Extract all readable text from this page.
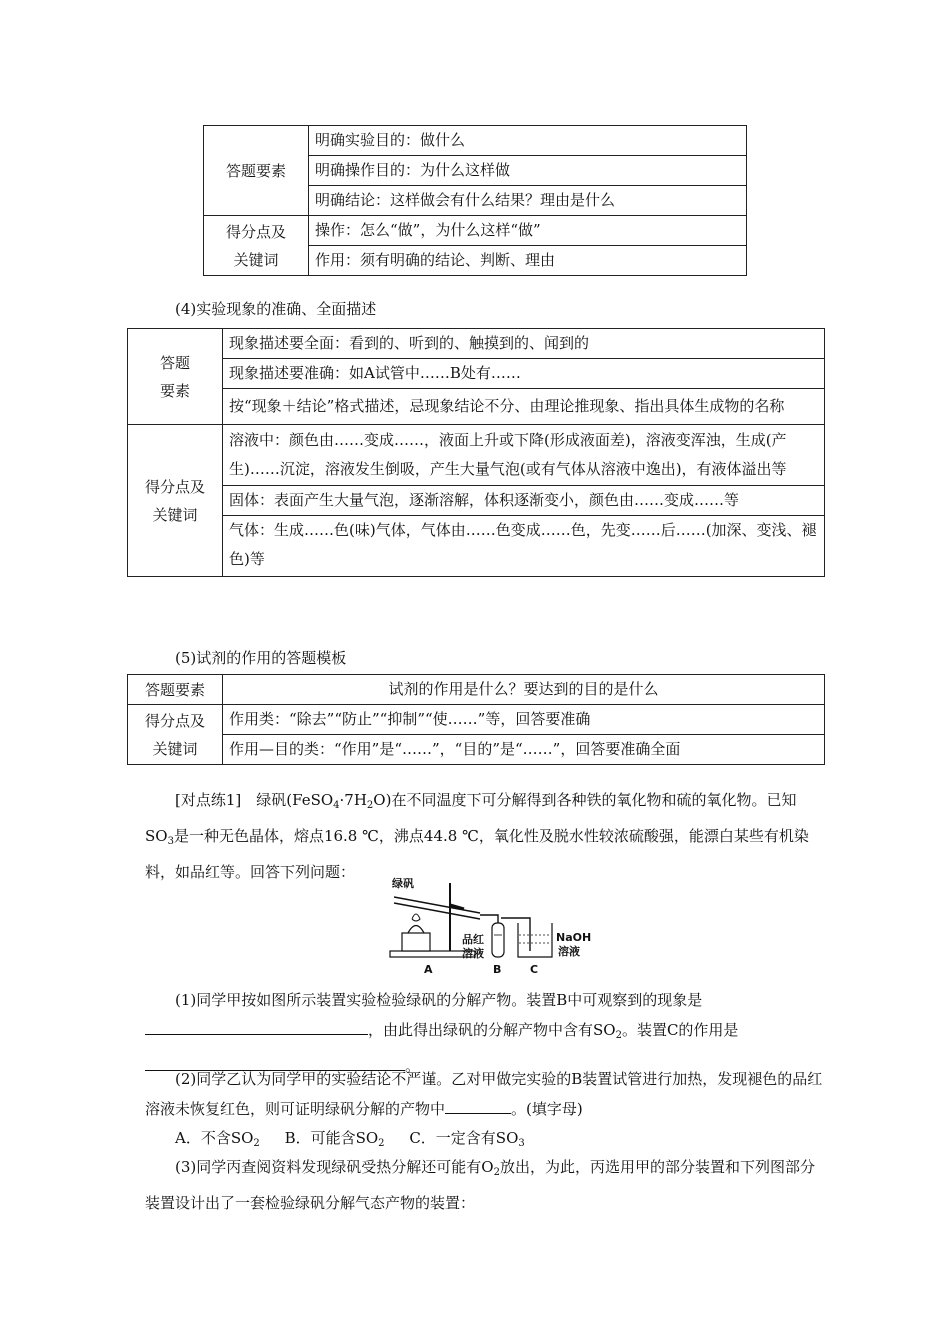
答题要素	明确实验目的：做什么
	明确操作目的：为什么这样做
	明确结论：这样做会有什么结果？理由是什么

得分点及
关键词	操作：怎么“做”，为什么这样“做”
	作用：须有明确的结论、判断、理由
(4)实验现象的准确、全面描述
答题
要素	现象描述要全面：看到的、听到的、触摸到的、闻到的
	现象描述要准确：如A试管中……B处有……
	按“现象＋结论”格式描述，忌现象结论不分、由理论推现象、指出具体生成物的名称

得分点及
关键词	溶液中：颜色由……变成……，液面上升或下降(形成液面差)，溶液变浑浊，生成(产生)……沉淀，溶液发生倒吸，产生大量气泡(或有气体从溶液中逸出)，有液体溢出等
	固体：表面产生大量气泡，逐渐溶解，体积逐渐变小，颜色由……变成……等
	气体：生成……色(味)气体，气体由……色变成……色，先变……后……(加深、变浅、褪色)等
(5)试剂的作用的答题模板
答题要素	试剂的作用是什么？要达到的目的是什么

得分点及
关键词	作用类：“除去”“防止”“抑制”“使……”等，回答要准确
	作用—目的类：“作用”是“……”，“目的”是“……”，回答要准确全面
[对点练1]　绿矾$(FeSO_4\cdot 7H_2O)$在不同温度下可分解得到各种铁的氧化物和硫的氧化物。已知$SO_3$是一种无色晶体，熔点16.8 ℃，沸点44.8 ℃，氧化性及脱水性较浓硫酸强，能漂白某些有机染料，如品红等。回答下列问题：
绿矾
品红
溶液
NaOH
溶液
A	B	C
(1)同学甲按如图所示装置实验检验绿矾的分解产物。装置B中可观察到的现象是，由此得出绿矾的分解产物中含有$SO_2$。装置C的作用是。
(2)同学乙认为同学甲的实验结论不严谨。乙对甲做完实验的B装置试管进行加热，发现褪色的品红溶液未恢复红色，则可证明绿矾分解的产物中	。(填字母)
A．不含$SO_2$ B．可能含$SO_2$ C．一定含有$SO_3$
(3)同学丙查阅资料发现绿矾受热分解还可能有$O_2$放出，为此，丙选用甲的部分装置和下列图部分装置设计出了一套检验绿矾分解气态产物的装置：
